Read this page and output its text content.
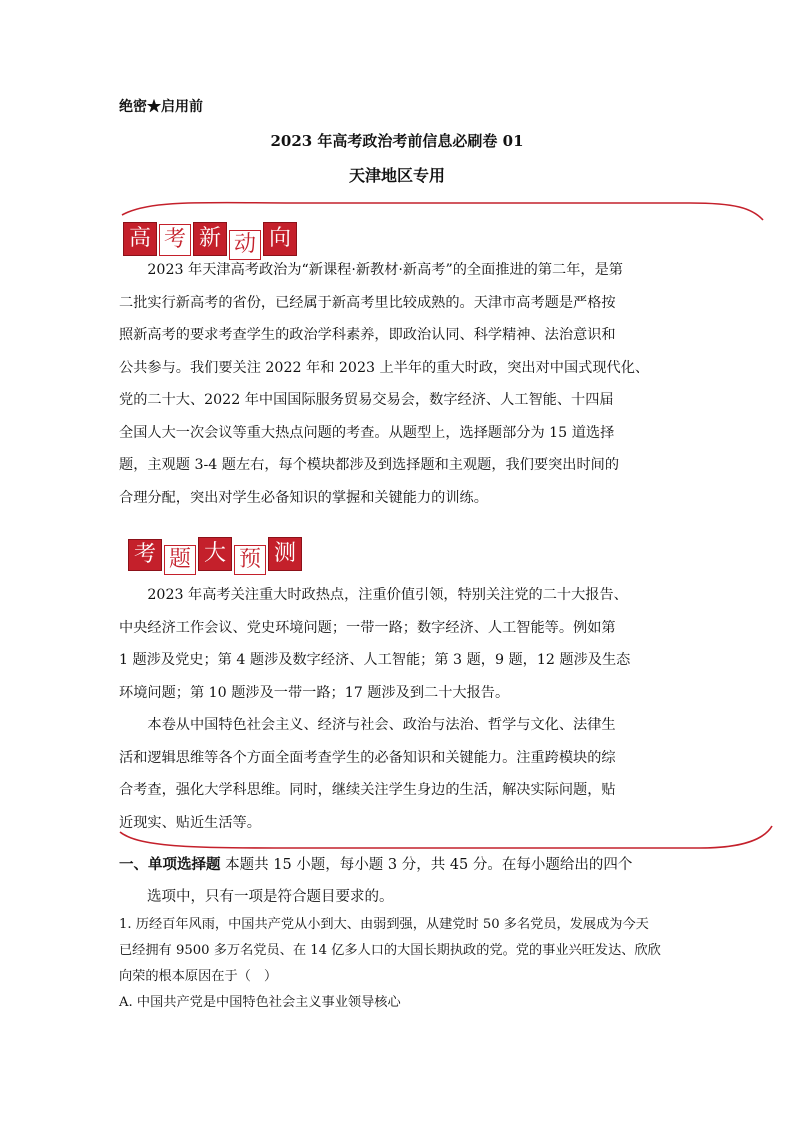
绝密★启用前
2023 年高考政治考前信息必刷卷 01
天津地区专用
高 考 新 动 向
2023 年天津高考政治为“新课程·新教材·新高考”的全面推进的第二年，是第
二批实行新高考的省份，已经属于新高考里比较成熟的。天津市高考题是严格按
照新高考的要求考查学生的政治学科素养，即政治认同、科学精神、法治意识和
公共参与。我们要关注 2022 年和 2023 上半年的重大时政，突出对中国式现代化、
党的二十大、2022 年中国国际服务贸易交易会，数字经济、人工智能、十四届
全国人大一次会议等重大热点问题的考查。从题型上，选择题部分为 15 道选择
题，主观题 3-4 题左右，每个模块都涉及到选择题和主观题，我们要突出时间的
合理分配，突出对学生必备知识的掌握和关键能力的训练。
考 题 大 预 测
2023 年高考关注重大时政热点，注重价值引领，特别关注党的二十大报告、
中央经济工作会议、党史环境问题；一带一路；数字经济、人工智能等。例如第
1 题涉及党史；第 4 题涉及数字经济、人工智能；第 3 题，9 题，12 题涉及生态
环境问题；第 10 题涉及一带一路；17 题涉及到二十大报告。
本卷从中国特色社会主义、经济与社会、政治与法治、哲学与文化、法律生
活和逻辑思维等各个方面全面考查学生的必备知识和关键能力。注重跨模块的综
合考查，强化大学科思维。同时，继续关注学生身边的生活，解决实际问题，贴
近现实、贴近生活等。
一、单项选择题 本题共 15 小题，每小题 3 分，共 45 分。在每小题给出的四个
选项中，只有一项是符合题目要求的。
1. 历经百年风雨，中国共产党从小到大、由弱到强，从建党时 50 多名党员，发展成为今天
已经拥有 9500 多万名党员、在 14 亿多人口的大国长期执政的党。党的事业兴旺发达、欣欣
向荣的根本原因在于（　）
A. 中国共产党是中国特色社会主义事业领导核心
